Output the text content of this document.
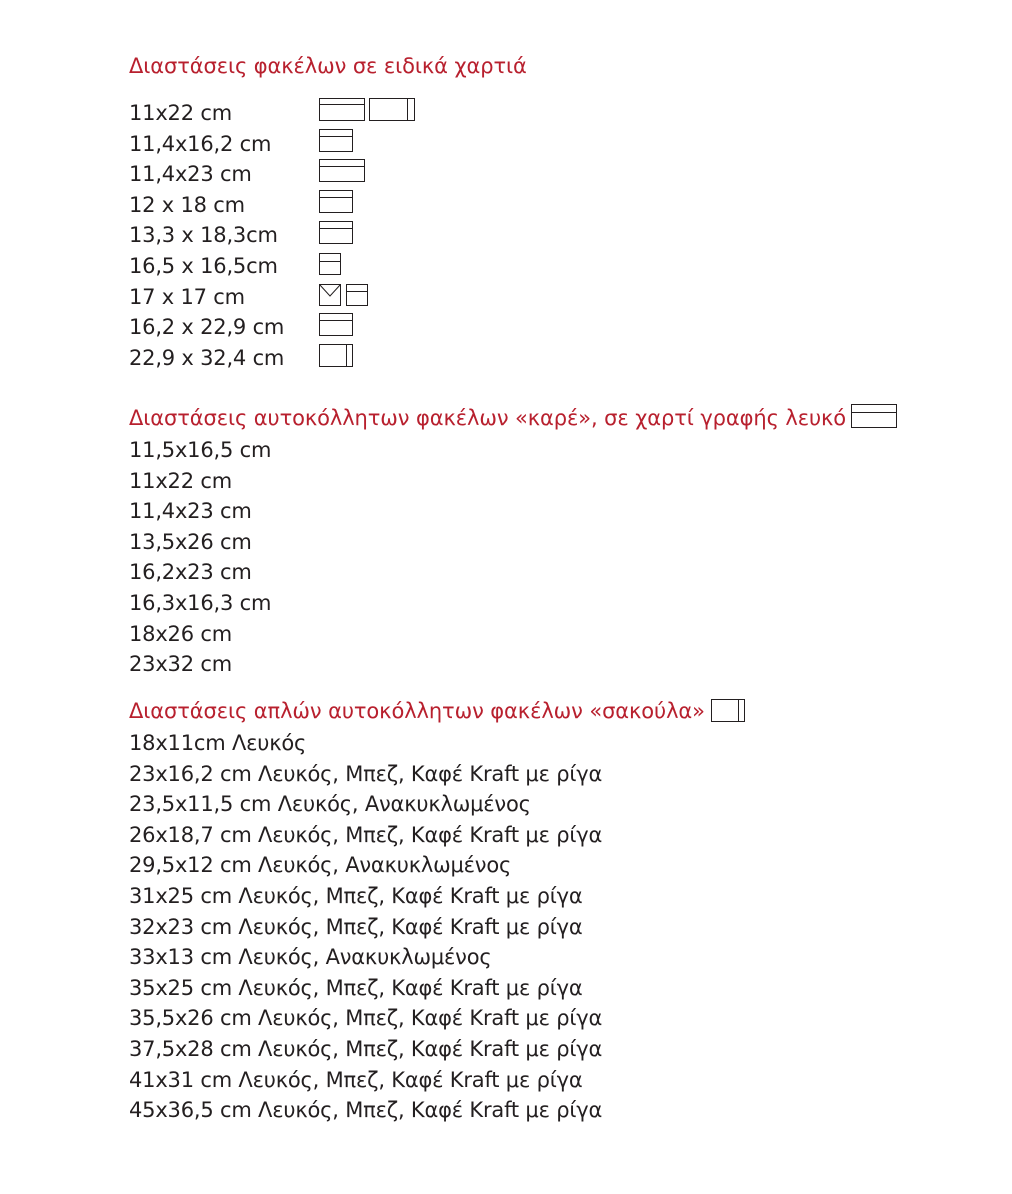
Διαστάσεις φακέλων σε ειδικά χαρτιά
11x22 cm
11,4x16,2 cm
11,4x23 cm
12 x 18 cm
13,3 x 18,3cm
16,5 x 16,5cm
17 x 17 cm
16,2 x 22,9 cm
22,9 x 32,4 cm
Διαστάσεις αυτοκόλλητων φακέλων «καρέ», σε χαρτί γραφής λευκό
11,5x16,5 cm
11x22 cm
11,4x23 cm
13,5x26 cm
16,2x23 cm
16,3x16,3 cm
18x26 cm
23x32 cm
Διαστάσεις απλών αυτοκόλλητων φακέλων «σακούλα»
18x11cm Λευκός
23x16,2 cm Λευκός, Μπεζ, Καφέ Kraft με ρίγα
23,5x11,5 cm Λευκός, Ανακυκλωμένος
26x18,7 cm Λευκός, Μπεζ, Καφέ Kraft με ρίγα
29,5x12 cm Λευκός, Ανακυκλωμένος
31x25 cm Λευκός, Μπεζ, Καφέ Kraft με ρίγα
32x23 cm Λευκός, Μπεζ, Καφέ Kraft με ρίγα
33x13 cm Λευκός, Ανακυκλωμένος
35x25 cm Λευκός, Μπεζ, Καφέ Kraft με ρίγα
35,5x26 cm Λευκός, Μπεζ, Καφέ Kraft με ρίγα
37,5x28 cm Λευκός, Μπεζ, Καφέ Kraft με ρίγα
41x31 cm Λευκός, Μπεζ, Καφέ Kraft με ρίγα
45x36,5 cm Λευκός, Μπεζ, Καφέ Kraft με ρίγα
